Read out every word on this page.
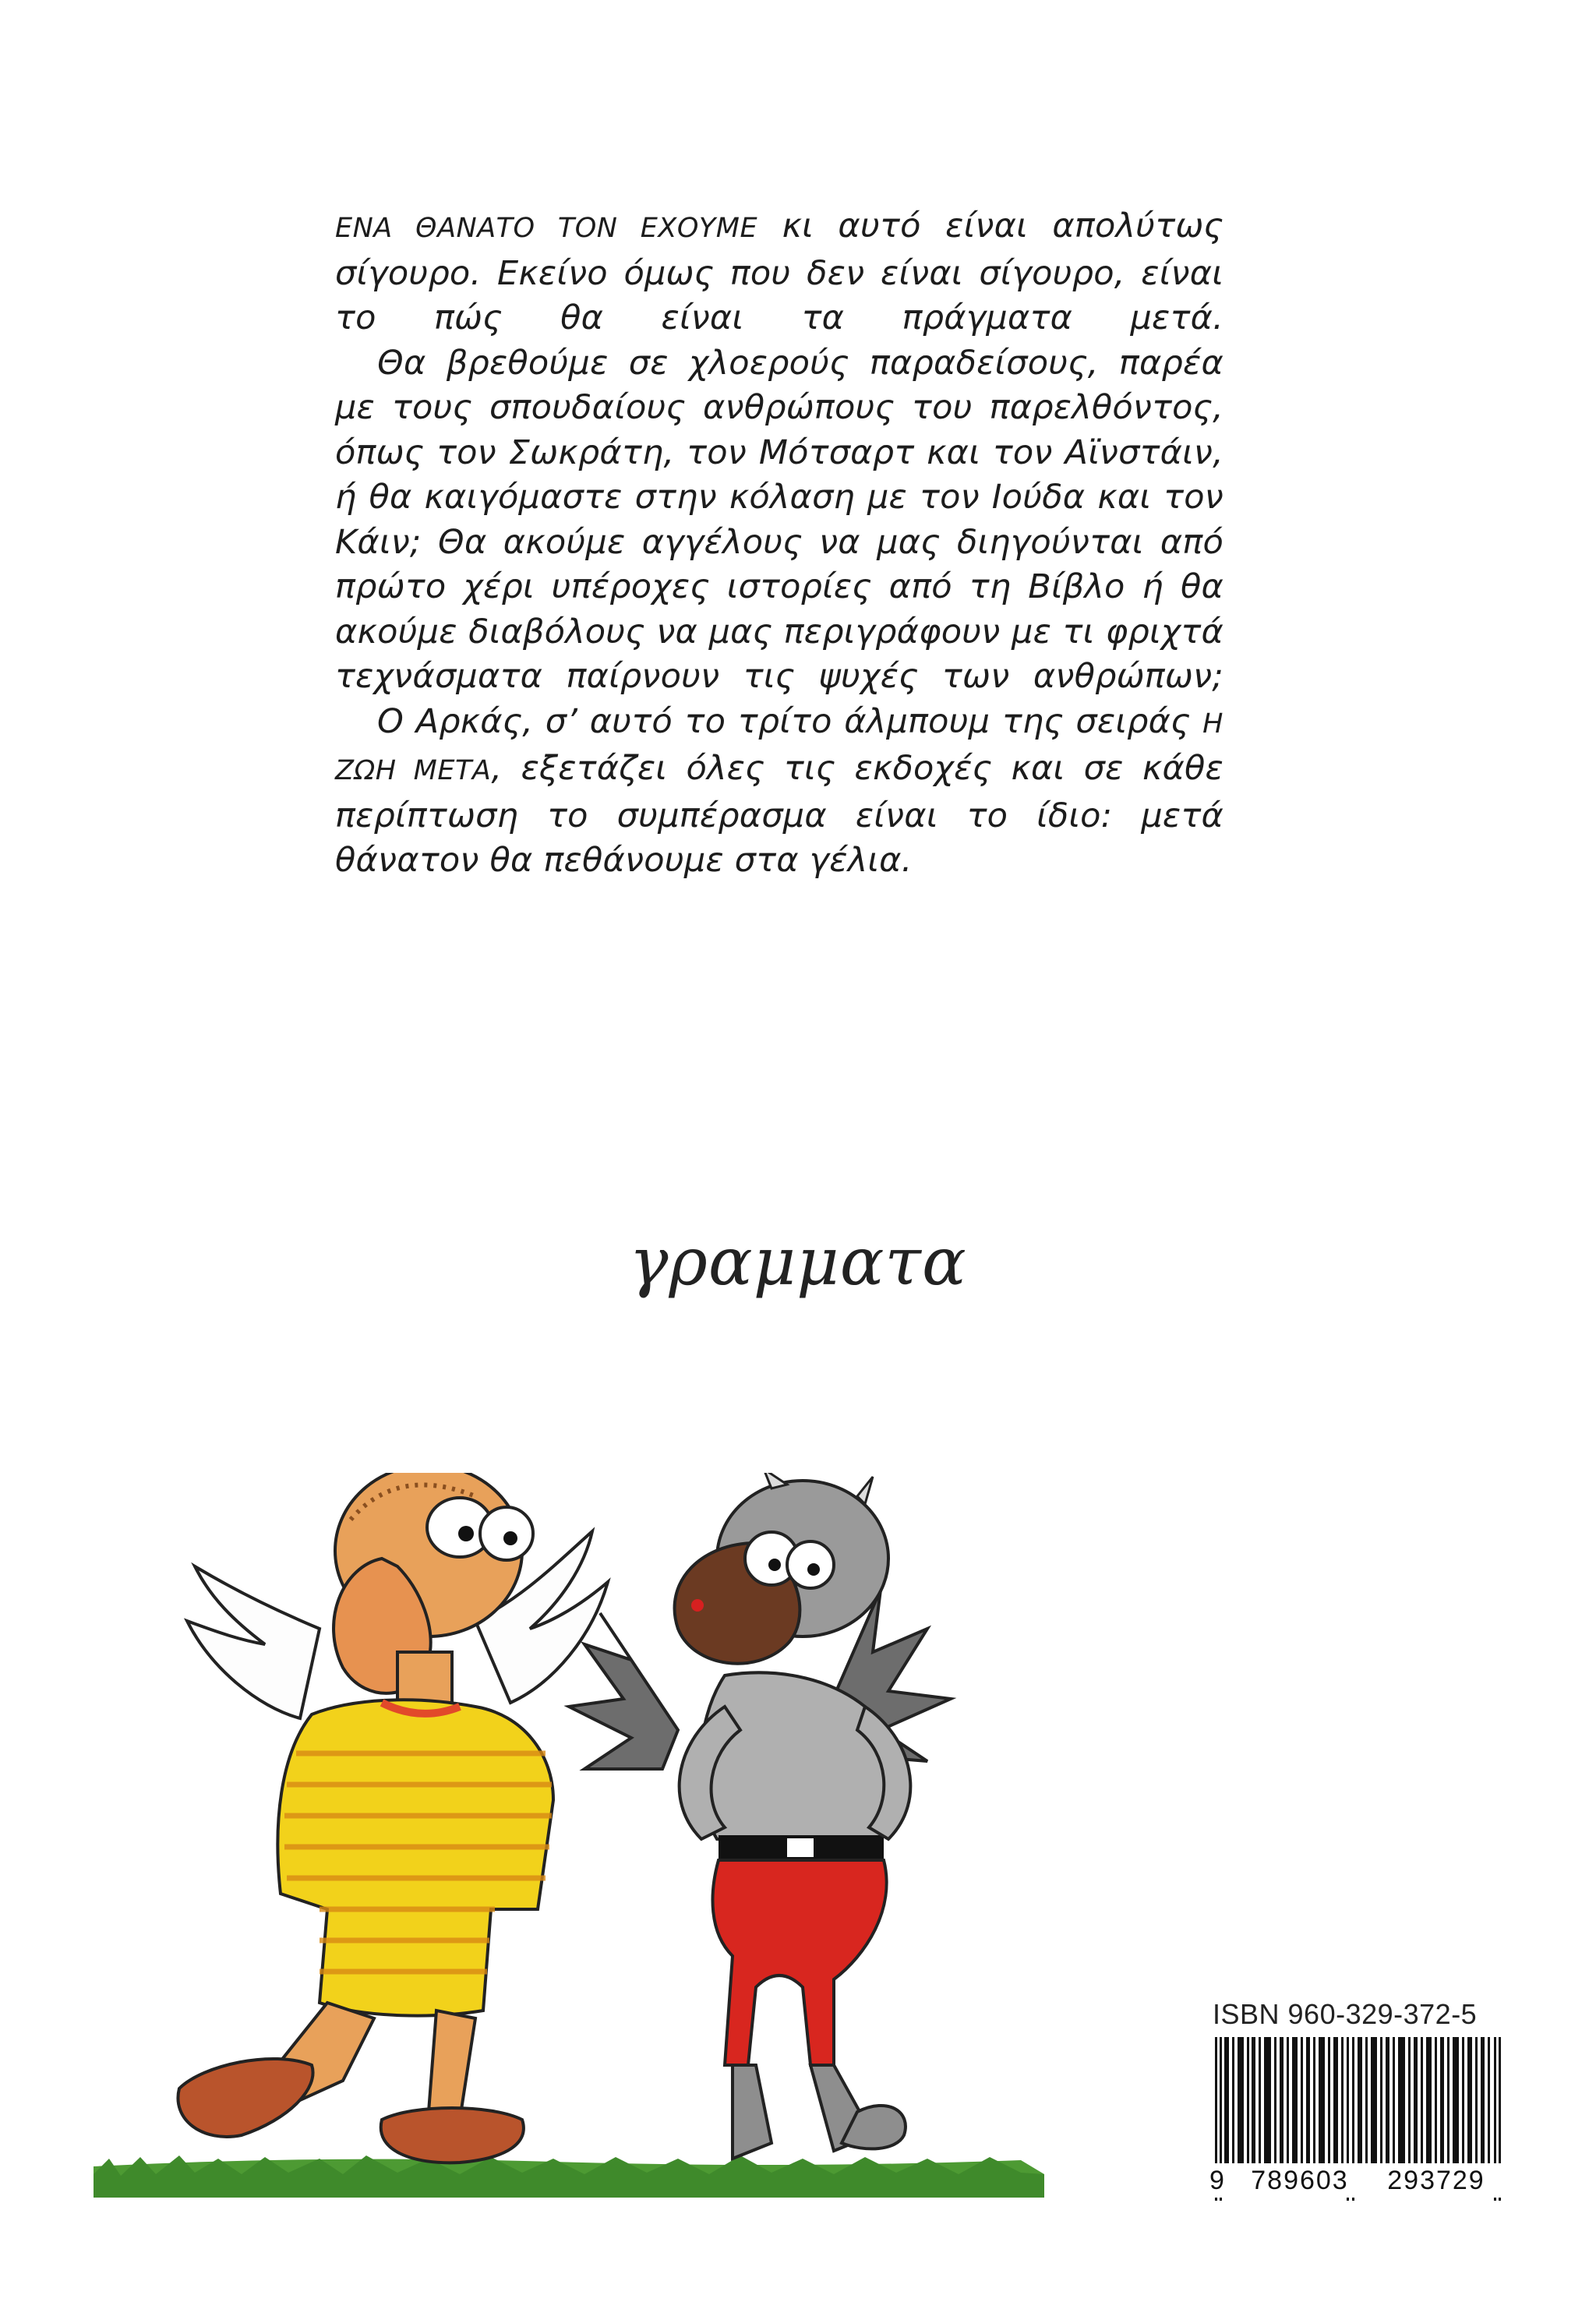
ΕΝΑ ΘΑΝΑΤΟ ΤΟΝ ΕΧΟΥΜΕ κι αυτό είναι απολύτως σίγουρο. Εκείνο όμως που δεν είναι σίγουρο, είναι το πώς θα είναι τα πράγματα μετά.

Θα βρεθούμε σε χλοερούς παραδείσους, παρέα με τους σπουδαίους ανθρώπους του παρελθόντος, όπως τον Σωκράτη, τον Μότσαρτ και τον Αϊνστάιν, ή θα καιγόμαστε στην κόλαση με τον Ιούδα και τον Κάιν; Θα ακούμε αγγέλους να μας διηγούνται από πρώτο χέρι υπέροχες ιστορίες από τη Βίβλο ή θα ακούμε διαβόλους να μας περιγράφουν με τι φριχτά τεχνάσματα παίρνουν τις ψυχές των ανθρώπων;

Ο Αρκάς, σ’ αυτό το τρίτο άλμπουμ της σειράς Η ΖΩΗ ΜΕΤΑ, εξετάζει όλες τις εκδοχές και σε κάθε περίπτωση το συμπέρασμα είναι το ίδιο: μετά θάνατον θα πεθάνουμε στα γέλια.

γραμματα
ISBN 960-329-372-5
9	789603	293729
